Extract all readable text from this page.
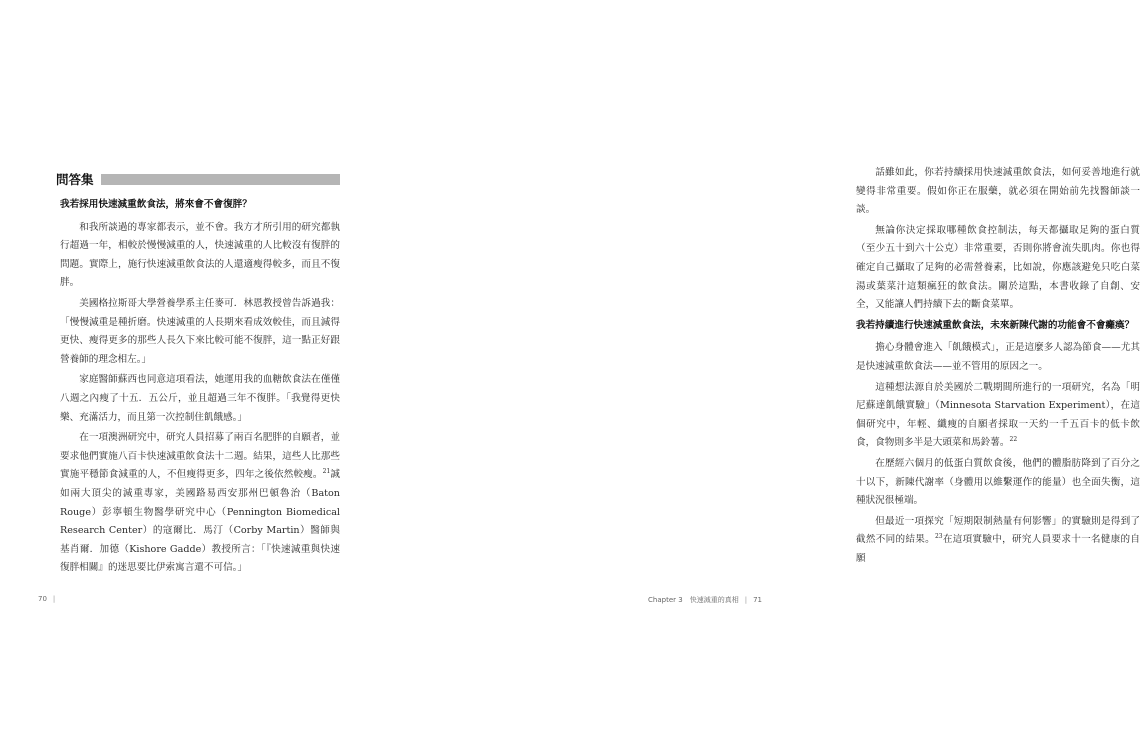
問答集
我若採用快速減重飲食法，將來會不會復胖？

和我所談過的專家都表示，並不會。我方才所引用的研究都執行超過一年，相較於慢慢減重的人，快速減重的人比較沒有復胖的問題。實際上，施行快速減重飲食法的人還適瘦得較多，而且不復胖。

美國格拉斯哥大學營養學系主任麥可．林恩教授曾告訴過我：「慢慢減重是種折磨。快速減重的人長期來看成效較佳，而且減得更快、瘦得更多的那些人長久下來比較可能不復胖，這一點正好跟營養師的理念相左。」

家庭醫師蘇西也同意這項看法，她運用我的血糖飲食法在僅僅八週之內瘦了十五．五公斤，並且超過三年不復胖。「我覺得更快樂、充滿活力，而且第一次控制住飢餓感。」

在一項澳洲研究中，研究人員招募了兩百名肥胖的自願者，並要求他們實施八百卡快速減重飲食法十二週。結果，這些人比那些實施平穩節食減重的人，不但瘦得更多，四年之後依然較瘦。$^{21}$誠如兩大頂尖的減重專家，美國路易西安那州巴頓魯治（Baton Rouge）彭寧頓生物醫學研究中心（Pennington Biomedical Research Center）的寇爾比．馬汀（Corby Martin）醫師與基肖爾．加德（Kishore Gadde）教授所言：「『快速減重與快速復胖相關』的迷思要比伊索寓言還不可信。」

70 |

話雖如此，你若持續採用快速減重飲食法，如何妥善地進行就變得非常重要。假如你正在服藥，就必須在開始前先找醫師談一談。

無論你決定採取哪種飲食控制法，每天都攝取足夠的蛋白質（至少五十到六十公克）非常重要，否則你將會流失肌肉。你也得確定自己攝取了足夠的必需營養素，比如說，你應該避免只吃白菜湯或葉菜汁這類瘋狂的飲食法。關於這點，本書收錄了自創、安全，又能讓人們持續下去的斷食菜單。

我若持續進行快速減重飲食法，未來新陳代謝的功能會不會癱瘓？

擔心身體會進入「飢餓模式」，正是這麼多人認為節食——尤其是快速減重飲食法——並不管用的原因之一。

這種想法源自於美國於二戰期間所進行的一項研究，名為「明尼蘇達飢餓實驗」（Minnesota Starvation Experiment），在這個研究中，年輕、纖瘦的自願者採取一天約一千五百卡的低卡飲食，食物則多半是大頭菜和馬鈴薯。$^{22}$

在歷經六個月的低蛋白質飲食後，他們的體脂肪降到了百分之十以下，新陳代謝率（身體用以維繫運作的能量）也全面失衡，這種狀況很極端。

但最近一項探究「短期限制熱量有何影響」的實驗則是得到了截然不同的結果。$^{23}$在這項實驗中，研究人員要求十一名健康的自願

Chapter 3　快速減重的真相 | 71
